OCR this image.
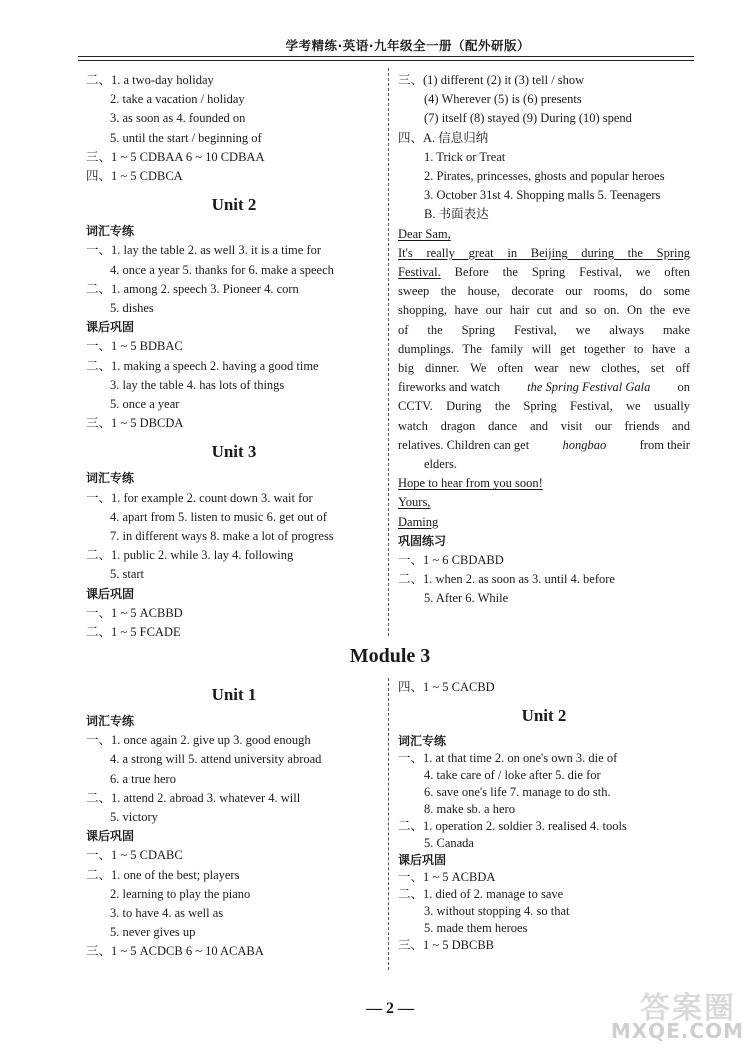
学考精练·英语·九年级全一册（配外研版）
二、1. a two-day holiday
2. take a vacation / holiday
3. as soon as 4. founded on
5. until the start / beginning of
三、1 ~ 5 CDBAA 6 ~ 10 CDBAA
四、1 ~ 5 CDBCA
Unit 2
词汇专练
一、1. lay the table 2. as well 3. it is a time for
4. once a year 5. thanks for 6. make a speech
二、1. among 2. speech 3. Pioneer 4. corn
5. dishes
课后巩固
一、1 ~ 5 BDBAC
二、1. making a speech 2. having a good time
3. lay the table 4. has lots of things
5. once a year
三、1 ~ 5 DBCDA
Unit 3
词汇专练
一、1. for example 2. count down 3. wait for
4. apart from 5. listen to music 6. get out of
7. in different ways 8. make a lot of progress
二、1. public 2. while 3. lay 4. following
5. start
课后巩固
一、1 ~ 5 ACBBD
二、1 ~ 5 FCADE
三、(1) different (2) it (3) tell / show
(4) Wherever (5) is (6) presents
(7) itself (8) stayed (9) During (10) spend
四、A. 信息归纳
1. Trick or Treat
2. Pirates, princesses, ghosts and popular heroes
3. October 31st 4. Shopping malls 5. Teenagers
B. 书面表达
Dear Sam,
It's really great in Beijing during the Spring
Festival. Before the Spring Festival, we often
sweep the house, decorate our rooms, do some
shopping, have our hair cut and so on. On the eve
of the Spring Festival, we always make
dumplings. The family will get together to have a
big dinner. We often wear new clothes, set off
fireworks and watch the Spring Festival Gala on
CCTV. During the Spring Festival, we usually
watch dragon dance and visit our friends and
relatives. Children can get	hongbao	from their
elders.
Hope to hear from you soon!
Yours,
Daming
巩固练习
一、1 ~ 6 CBDABD
二、1. when 2. as soon as 3. until 4. before
5. After 6. While
Module 3
Unit 1
词汇专练
一、1. once again 2. give up 3. good enough
4. a strong will 5. attend university abroad
6. a true hero
二、1. attend 2. abroad 3. whatever 4. will
5. victory
课后巩固
一、1 ~ 5 CDABC
二、1. one of the best; players
2. learning to play the piano
3. to have 4. as well as
5. never gives up
三、1 ~ 5 ACDCB 6 ~ 10 ACABA
四、1 ~ 5 CACBD
Unit 2
词汇专练
一、1. at that time 2. on one's own 3. die of
4. take care of / loke after 5. die for
6. save one's life 7. manage to do sth.
8. make sb. a hero
二、1. operation 2. soldier 3. realised 4. tools
5. Canada
课后巩固
一、1 ~ 5 ACBDA
二、1. died of 2. manage to save
3. without stopping 4. so that
5. made them heroes
三、1 ~ 5 DBCBB
— 2 —	答案圈
MXQE.COM
